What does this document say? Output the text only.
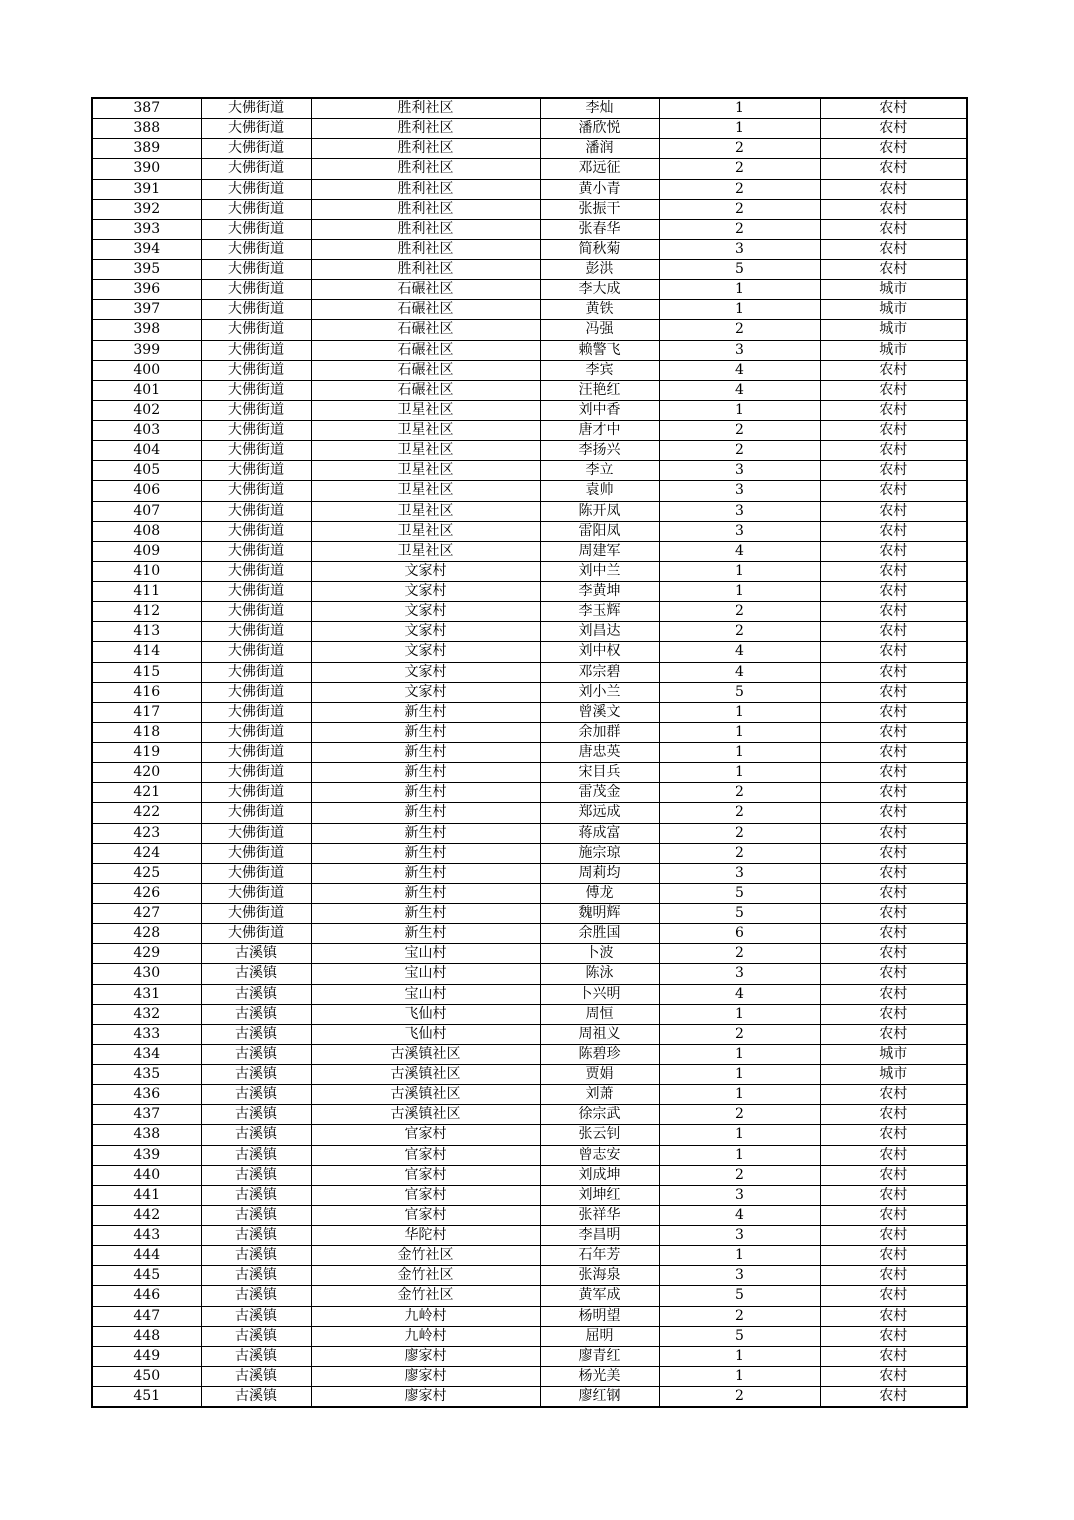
387	大佛街道	胜利社区	李灿	1	农村
388	大佛街道	胜利社区	潘欣悦	1	农村
389	大佛街道	胜利社区	潘润	2	农村
390	大佛街道	胜利社区	邓远征	2	农村
391	大佛街道	胜利社区	黄小青	2	农村
392	大佛街道	胜利社区	张振干	2	农村
393	大佛街道	胜利社区	张春华	2	农村
394	大佛街道	胜利社区	简秋菊	3	农村
395	大佛街道	胜利社区	彭洪	5	农村
396	大佛街道	石碾社区	李大成	1	城市
397	大佛街道	石碾社区	黄铁	1	城市
398	大佛街道	石碾社区	冯强	2	城市
399	大佛街道	石碾社区	赖警飞	3	城市
400	大佛街道	石碾社区	李宾	4	农村
401	大佛街道	石碾社区	汪艳红	4	农村
402	大佛街道	卫星社区	刘中香	1	农村
403	大佛街道	卫星社区	唐才中	2	农村
404	大佛街道	卫星社区	李扬兴	2	农村
405	大佛街道	卫星社区	李立	3	农村
406	大佛街道	卫星社区	袁帅	3	农村
407	大佛街道	卫星社区	陈开凤	3	农村
408	大佛街道	卫星社区	雷阳凤	3	农村
409	大佛街道	卫星社区	周建军	4	农村
410	大佛街道	文家村	刘中兰	1	农村
411	大佛街道	文家村	李黄坤	1	农村
412	大佛街道	文家村	李玉辉	2	农村
413	大佛街道	文家村	刘昌达	2	农村
414	大佛街道	文家村	刘中权	4	农村
415	大佛街道	文家村	邓宗碧	4	农村
416	大佛街道	文家村	刘小兰	5	农村
417	大佛街道	新生村	曾溪文	1	农村
418	大佛街道	新生村	余加群	1	农村
419	大佛街道	新生村	唐忠英	1	农村
420	大佛街道	新生村	宋目兵	1	农村
421	大佛街道	新生村	雷茂金	2	农村
422	大佛街道	新生村	郑远成	2	农村
423	大佛街道	新生村	蒋成富	2	农村
424	大佛街道	新生村	施宗琼	2	农村
425	大佛街道	新生村	周莉均	3	农村
426	大佛街道	新生村	傅龙	5	农村
427	大佛街道	新生村	魏明辉	5	农村
428	大佛街道	新生村	余胜国	6	农村
429	古溪镇	宝山村	卜波	2	农村
430	古溪镇	宝山村	陈泳	3	农村
431	古溪镇	宝山村	卜兴明	4	农村
432	古溪镇	飞仙村	周恒	1	农村
433	古溪镇	飞仙村	周祖义	2	农村
434	古溪镇	古溪镇社区	陈碧珍	1	城市
435	古溪镇	古溪镇社区	贾娟	1	城市
436	古溪镇	古溪镇社区	刘萧	1	农村
437	古溪镇	古溪镇社区	徐宗武	2	农村
438	古溪镇	官家村	张云钊	1	农村
439	古溪镇	官家村	曾志安	1	农村
440	古溪镇	官家村	刘成坤	2	农村
441	古溪镇	官家村	刘坤红	3	农村
442	古溪镇	官家村	张祥华	4	农村
443	古溪镇	华陀村	李昌明	3	农村
444	古溪镇	金竹社区	石年芳	1	农村
445	古溪镇	金竹社区	张海泉	3	农村
446	古溪镇	金竹社区	黄军成	5	农村
447	古溪镇	九岭村	杨明望	2	农村
448	古溪镇	九岭村	屈明	5	农村
449	古溪镇	廖家村	廖青红	1	农村
450	古溪镇	廖家村	杨光美	1	农村
451	古溪镇	廖家村	廖红钢	2	农村
